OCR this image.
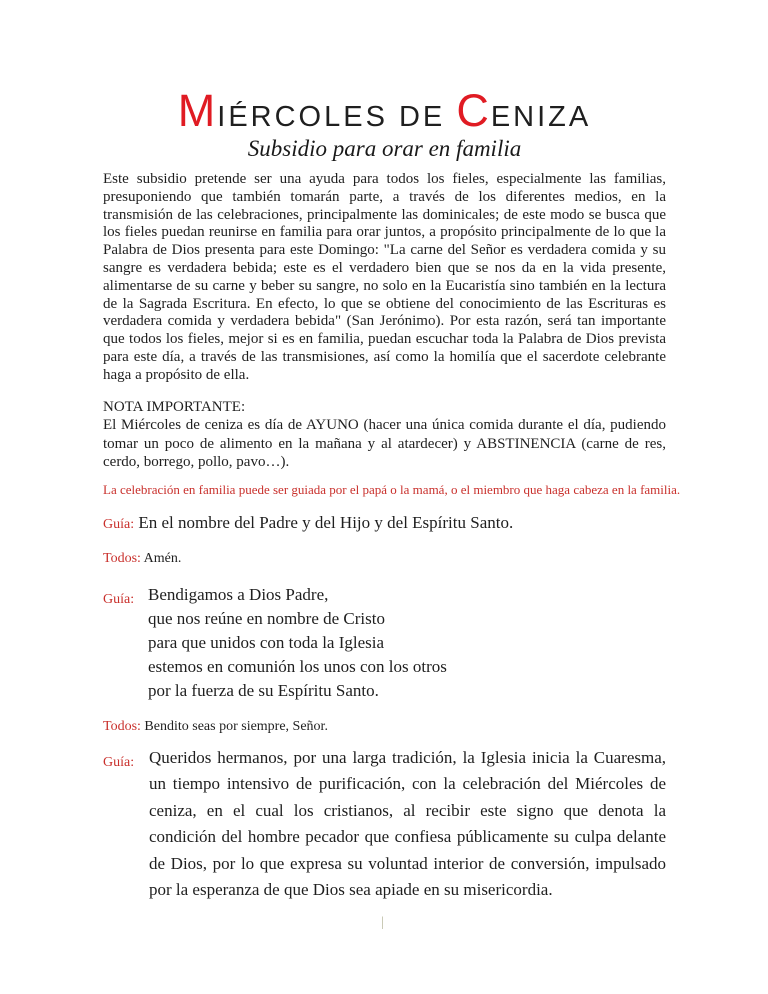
MIÉRCOLES DE CENIZA
Subsidio para orar en familia
Este subsidio pretende ser una ayuda para todos los fieles, especialmente las familias, presuponiendo que también tomarán parte, a través de los diferentes medios, en la transmisión de las celebraciones, principalmente las dominicales; de este modo se busca que los fieles puedan reunirse en familia para orar juntos, a propósito principalmente de lo que la Palabra de Dios presenta para este Domingo: "La carne del Señor es verdadera comida y su sangre es verdadera bebida; este es el verdadero bien que se nos da en la vida presente, alimentarse de su carne y beber su sangre, no solo en la Eucaristía sino también en la lectura de la Sagrada Escritura. En efecto, lo que se obtiene del conocimiento de las Escrituras es verdadera comida y verdadera bebida" (San Jerónimo). Por esta razón, será tan importante que todos los fieles, mejor si es en familia, puedan escuchar toda la Palabra de Dios prevista para este día, a través de las transmisiones, así como la homilía que el sacerdote celebrante haga a propósito de ella.
NOTA IMPORTANTE:
El Miércoles de ceniza es día de AYUNO (hacer una única comida durante el día, pudiendo tomar un poco de alimento en la mañana y al atardecer) y ABSTINENCIA (carne de res, cerdo, borrego, pollo, pavo…).
La celebración en familia puede ser guiada por el papá o la mamá, o el miembro que haga cabeza en la familia.
Guía: En el nombre del Padre y del Hijo y del Espíritu Santo.
Todos: Amén.
Guía: Bendigamos a Dios Padre,
que nos reúne en nombre de Cristo
para que unidos con toda la Iglesia
estemos en comunión los unos con los otros
por la fuerza de su Espíritu Santo.
Todos: Bendito seas por siempre, Señor.
Guía: Queridos hermanos, por una larga tradición, la Iglesia inicia la Cuaresma, un tiempo intensivo de purificación, con la celebración del Miércoles de ceniza, en el cual los cristianos, al recibir este signo que denota la condición del hombre pecador que confiesa públicamente su culpa delante de Dios, por lo que expresa su voluntad interior de conversión, impulsado por la esperanza de que Dios sea apiade en su misericordia.
|
